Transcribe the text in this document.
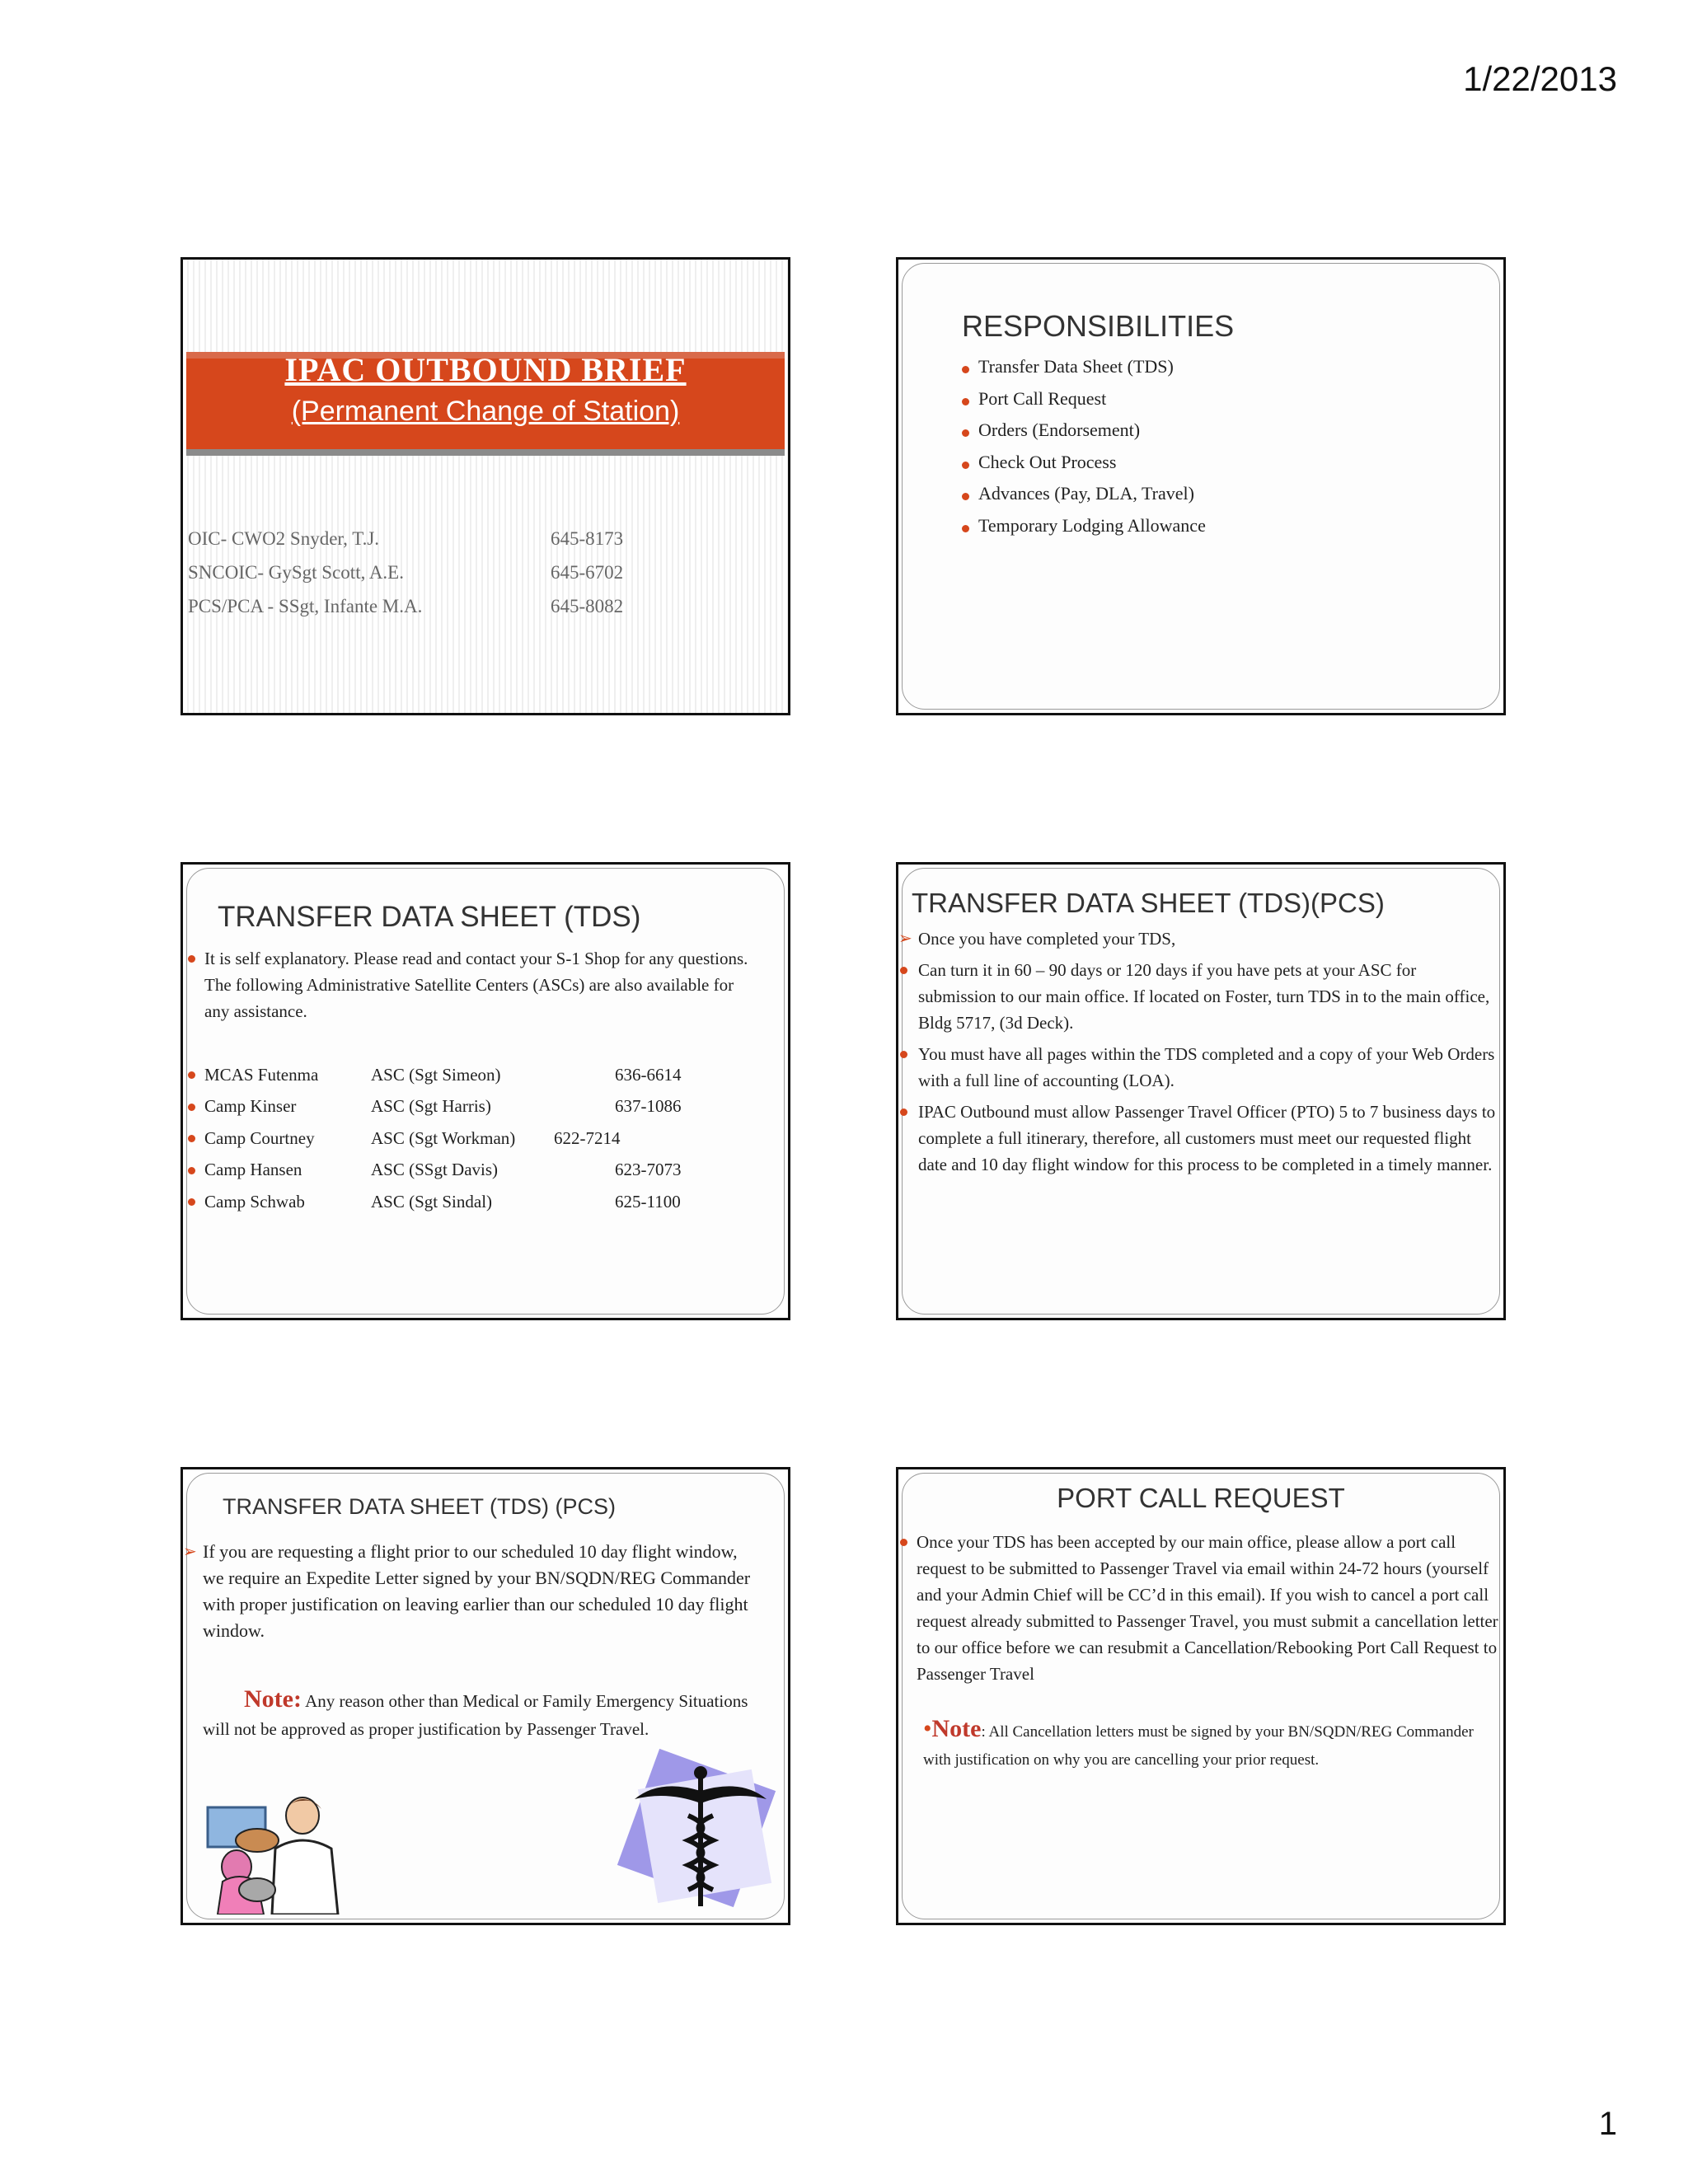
1/22/2013
IPAC OUTBOUND BRIEF
(Permanent Change of Station)
OIC- CWO2 Snyder, T.J.	645-8173
SNCOIC- GySgt Scott, A.E.	645-6702
PCS/PCA - SSgt, Infante M.A.	645-8082
RESPONSIBILITIES
Transfer Data Sheet (TDS)
Port Call Request
Orders (Endorsement)
Check Out Process
Advances (Pay, DLA, Travel)
Temporary Lodging Allowance
TRANSFER DATA SHEET (TDS)
It is self explanatory. Please read and contact your S-1 Shop for any questions. The following Administrative Satellite Centers (ASCs) are also available for any assistance.
MCAS Futenma	ASC (Sgt Simeon)	636-6614
Camp Kinser	ASC (Sgt Harris)	637-1086
Camp Courtney	ASC (Sgt Workman)	622-7214
Camp Hansen	ASC (SSgt Davis)	623-7073
Camp Schwab	ASC (Sgt Sindal)	625-1100
TRANSFER DATA SHEET (TDS)(PCS)
➢ Once you have completed your TDS,
Can turn it in 60 – 90 days or 120 days if you have pets at your ASC for submission to our main office. If located on Foster, turn TDS in to the main office, Bldg 5717, (3d Deck).
You must have all pages within the TDS completed and a copy of your Web Orders with a full line of accounting (LOA).
IPAC Outbound must allow Passenger Travel Officer (PTO) 5 to 7 business days to complete a full itinerary, therefore, all customers must meet our requested flight date and 10 day flight window for this process to be completed in a timely manner.
TRANSFER DATA SHEET (TDS) (PCS)
➢ If you are requesting a flight prior to our scheduled 10 day flight window, we require an Expedite Letter signed by your BN/SQDN/REG Commander with proper justification on leaving earlier than our scheduled 10 day flight window.
Note: Any reason other than Medical or Family Emergency Situations will not be approved as proper justification by Passenger Travel.
PORT CALL REQUEST
Once your TDS has been accepted by our main office, please allow a port call request to be submitted to Passenger Travel via email within 24-72 hours (yourself and your Admin Chief will be CC’d in this email). If you wish to cancel a port call request already submitted to Passenger Travel, you must submit a cancellation letter to our office before we can resubmit a Cancellation/Rebooking Port Call Request to Passenger Travel
•Note: All Cancellation letters must be signed by your BN/SQDN/REG Commander with justification on why you are cancelling your prior request.
1
